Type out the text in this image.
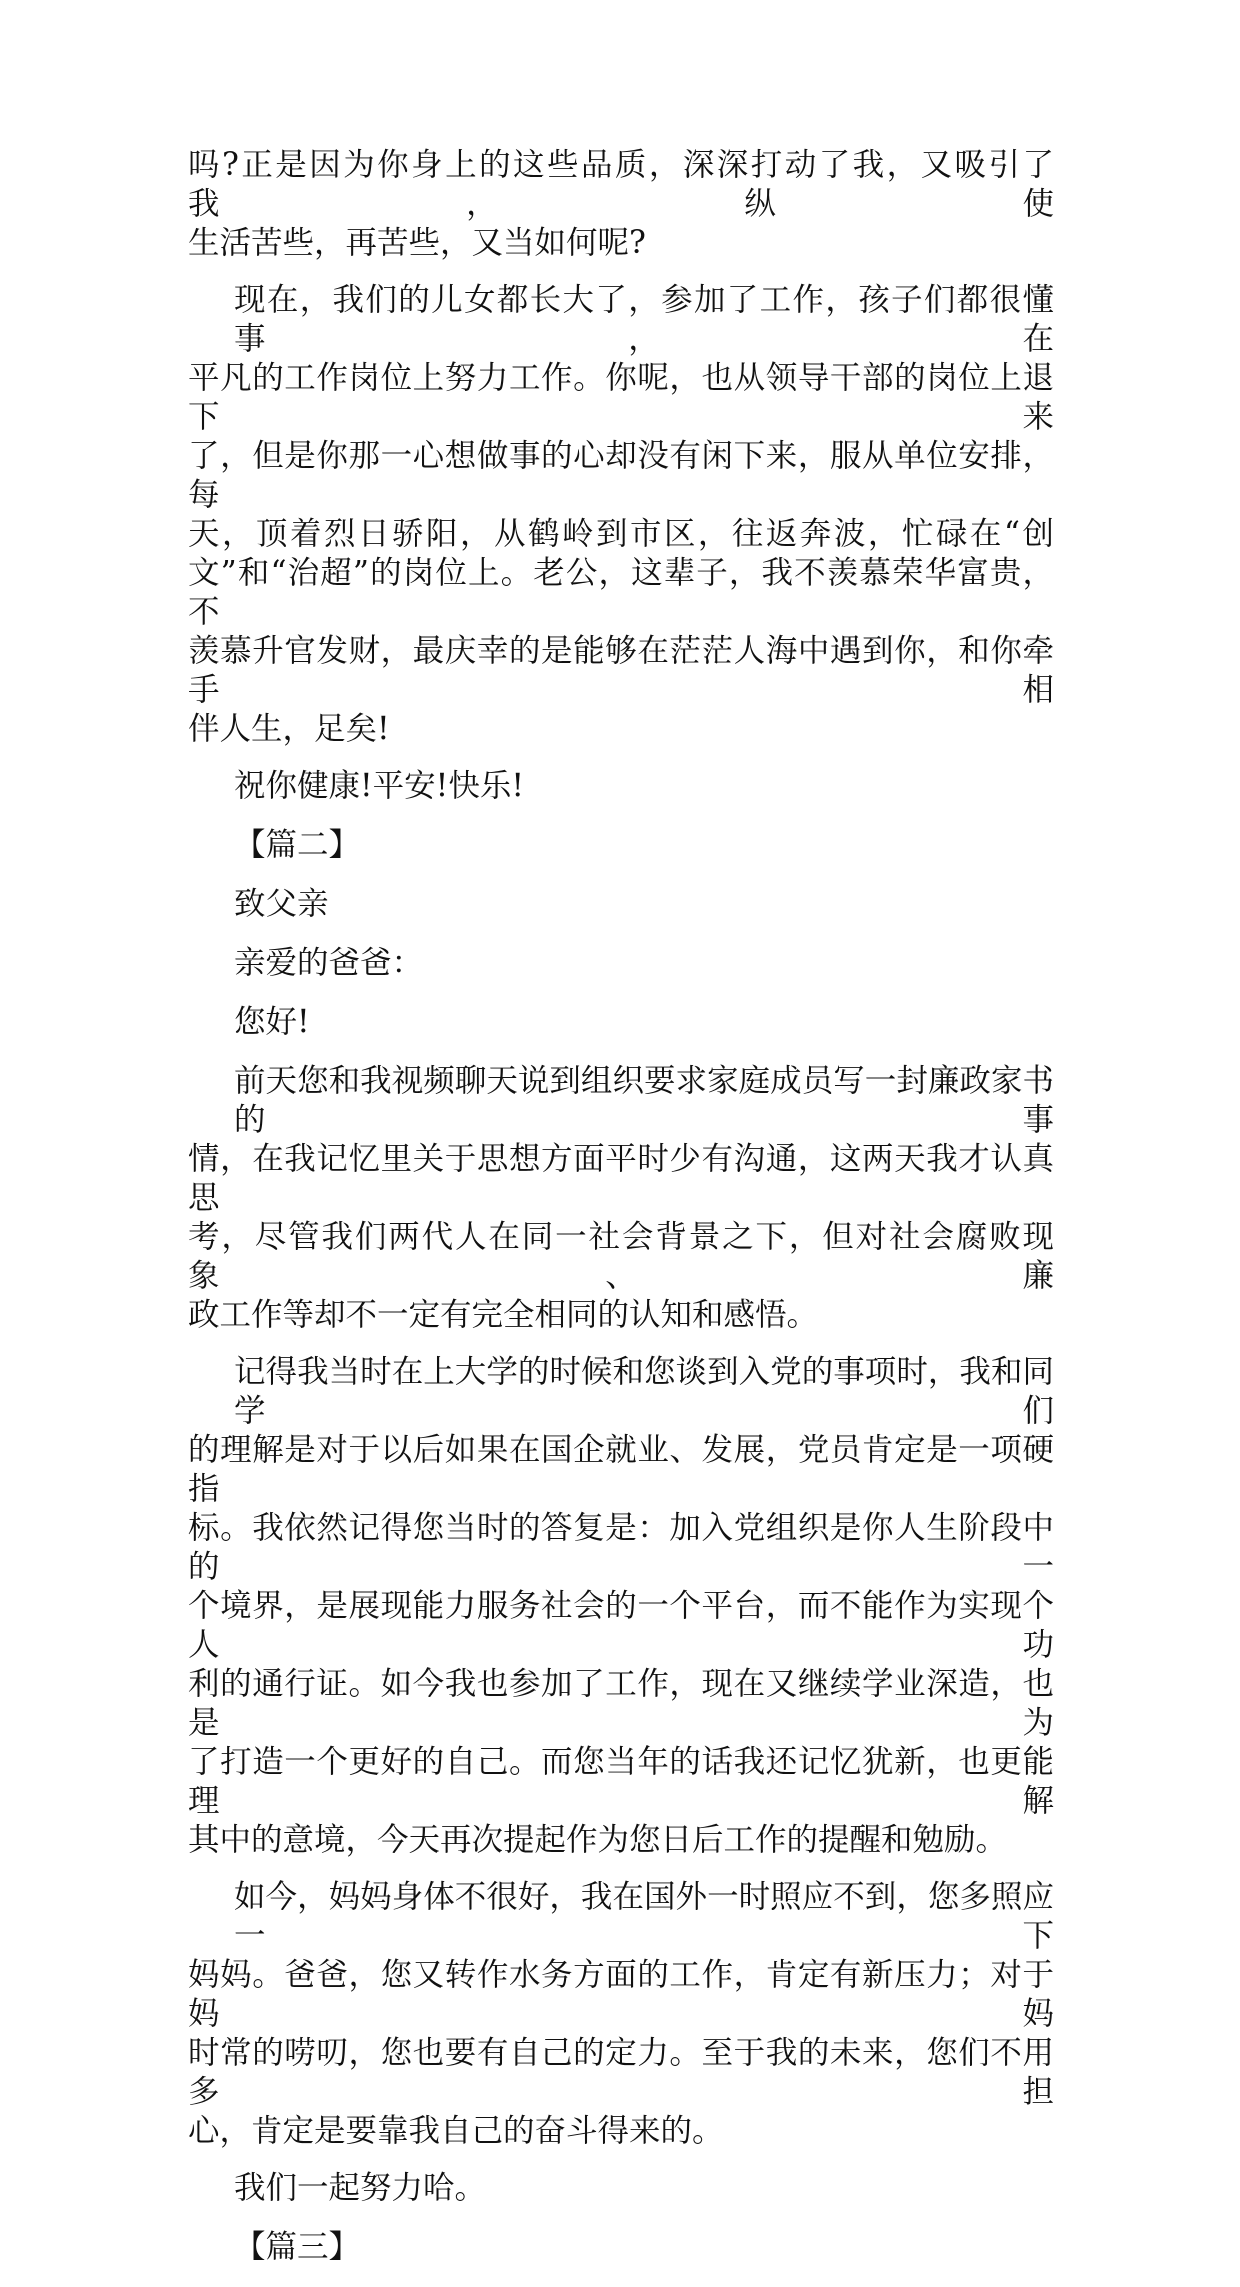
吗?正是因为你身上的这些品质，深深打动了我，又吸引了我，纵使
生活苦些，再苦些，又当如何呢?
现在，我们的儿女都长大了，参加了工作，孩子们都很懂事，在
平凡的工作岗位上努力工作。你呢，也从领导干部的岗位上退下来
了，但是你那一心想做事的心却没有闲下来，服从单位安排，每
天，顶着烈日骄阳，从鹤岭到市区，往返奔波，忙碌在“创
文”和“治超”的岗位上。老公，这辈子，我不羡慕荣华富贵，不
羡慕升官发财，最庆幸的是能够在茫茫人海中遇到你，和你牵手相
伴人生，足矣!
祝你健康!平安!快乐!
【篇二】
致父亲
亲爱的爸爸：
您好!
前天您和我视频聊天说到组织要求家庭成员写一封廉政家书的事
情，在我记忆里关于思想方面平时少有沟通，这两天我才认真思
考，尽管我们两代人在同一社会背景之下，但对社会腐败现象、廉
政工作等却不一定有完全相同的认知和感悟。
记得我当时在上大学的时候和您谈到入党的事项时，我和同学们
的理解是对于以后如果在国企就业、发展，党员肯定是一项硬指
标。我依然记得您当时的答复是：加入党组织是你人生阶段中的一
个境界，是展现能力服务社会的一个平台，而不能作为实现个人功
利的通行证。如今我也参加了工作，现在又继续学业深造，也是为
了打造一个更好的自己。而您当年的话我还记忆犹新，也更能理解
其中的意境，今天再次提起作为您日后工作的提醒和勉励。
如今，妈妈身体不很好，我在国外一时照应不到，您多照应一下
妈妈。爸爸，您又转作水务方面的工作，肯定有新压力；对于妈妈
时常的唠叨，您也要有自己的定力。至于我的未来，您们不用多担
心，肯定是要靠我自己的奋斗得来的。
我们一起努力哈。
【篇三】
